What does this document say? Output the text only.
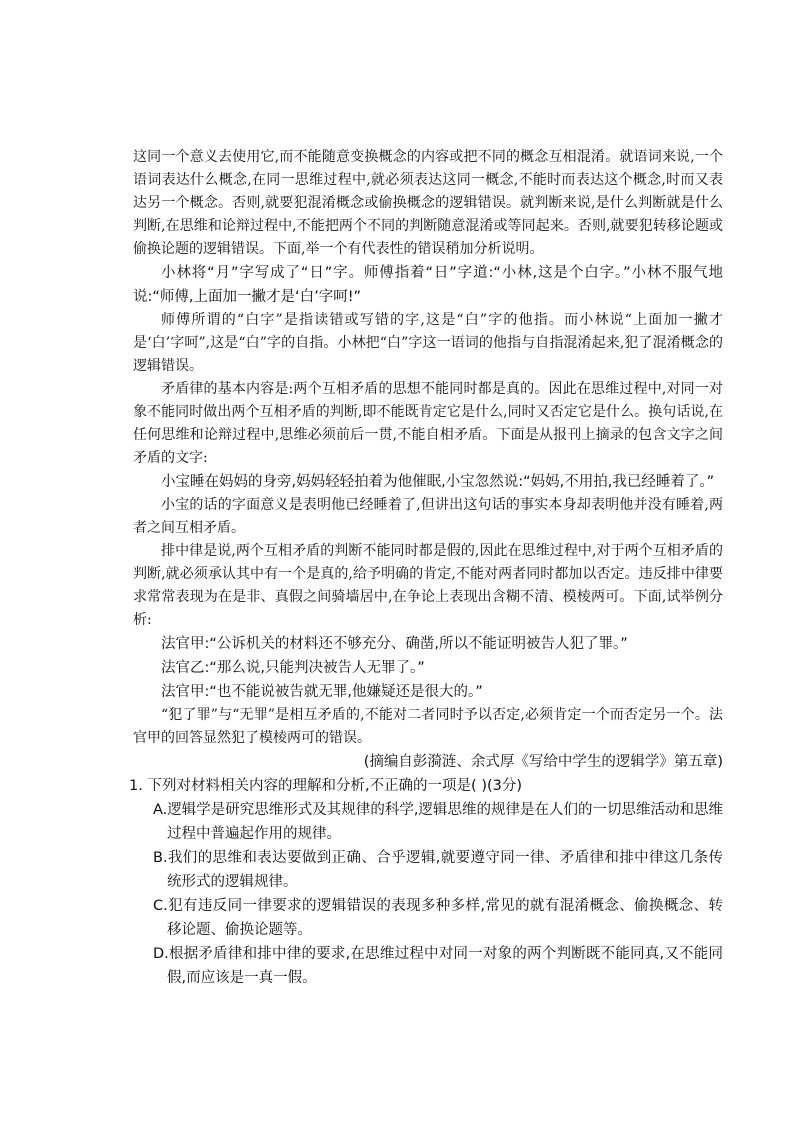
这同一个意义去使用它,而不能随意变换概念的内容或把不同的概念互相混淆。就语词来说,一个语词表达什么概念,在同一思维过程中,就必须表达这同一概念,不能时而表达这个概念,时而又表达另一个概念。否则,就要犯混淆概念或偷换概念的逻辑错误。就判断来说,是什么判断就是什么判断,在思维和论辩过程中,不能把两个不同的判断随意混淆或等同起来。否则,就要犯转移论题或偷换论题的逻辑错误。下面,举一个有代表性的错误稍加分析说明。

小林将“月”字写成了“日”字。师傅指着“日”字道:“小林,这是个白字。”小林不服气地说:“师傅,上面加一撇才是‘白’字呵!”

师傅所谓的“白字”是指读错或写错的字,这是“白”字的他指。而小林说“上面加一撇才是‘白’字呵”,这是“白”字的自指。小林把“白”字这一语词的他指与自指混淆起来,犯了混淆概念的逻辑错误。

矛盾律的基本内容是:两个互相矛盾的思想不能同时都是真的。因此在思维过程中,对同一对象不能同时做出两个互相矛盾的判断,即不能既肯定它是什么,同时又否定它是什么。换句话说,在任何思维和论辩过程中,思维必须前后一贯,不能自相矛盾。下面是从报刊上摘录的包含文字之间矛盾的文字:

小宝睡在妈妈的身旁,妈妈轻轻拍着为他催眠,小宝忽然说:“妈妈,不用拍,我已经睡着了。”

小宝的话的字面意义是表明他已经睡着了,但讲出这句话的事实本身却表明他并没有睡着,两者之间互相矛盾。

排中律是说,两个互相矛盾的判断不能同时都是假的,因此在思维过程中,对于两个互相矛盾的判断,就必须承认其中有一个是真的,给予明确的肯定,不能对两者同时都加以否定。违反排中律要求常常表现为在是非、真假之间骑墙居中,在争论上表现出含糊不清、模棱两可。下面,试举例分析:

法官甲:“公诉机关的材料还不够充分、确凿,所以不能证明被告人犯了罪。”

法官乙:“那么说,只能判决被告人无罪了。”

法官甲:“也不能说被告就无罪,他嫌疑还是很大的。”

“犯了罪”与“无罪”是相互矛盾的,不能对二者同时予以否定,必须肯定一个而否定另一个。法官甲的回答显然犯了模棱两可的错误。

(摘编自彭漪涟、余式厚《写给中学生的逻辑学》第五章)

1. 下列对材料相关内容的理解和分析,不正确的一项是( )(3分)

A.逻辑学是研究思维形式及其规律的科学,逻辑思维的规律是在人们的一切思维活动和思维过程中普遍起作用的规律。

B.我们的思维和表达要做到正确、合乎逻辑,就要遵守同一律、矛盾律和排中律这几条传统形式的逻辑规律。

C.犯有违反同一律要求的逻辑错误的表现多种多样,常见的就有混淆概念、偷换概念、转移论题、偷换论题等。

D.根据矛盾律和排中律的要求,在思维过程中对同一对象的两个判断既不能同真,又不能同假,而应该是一真一假。
